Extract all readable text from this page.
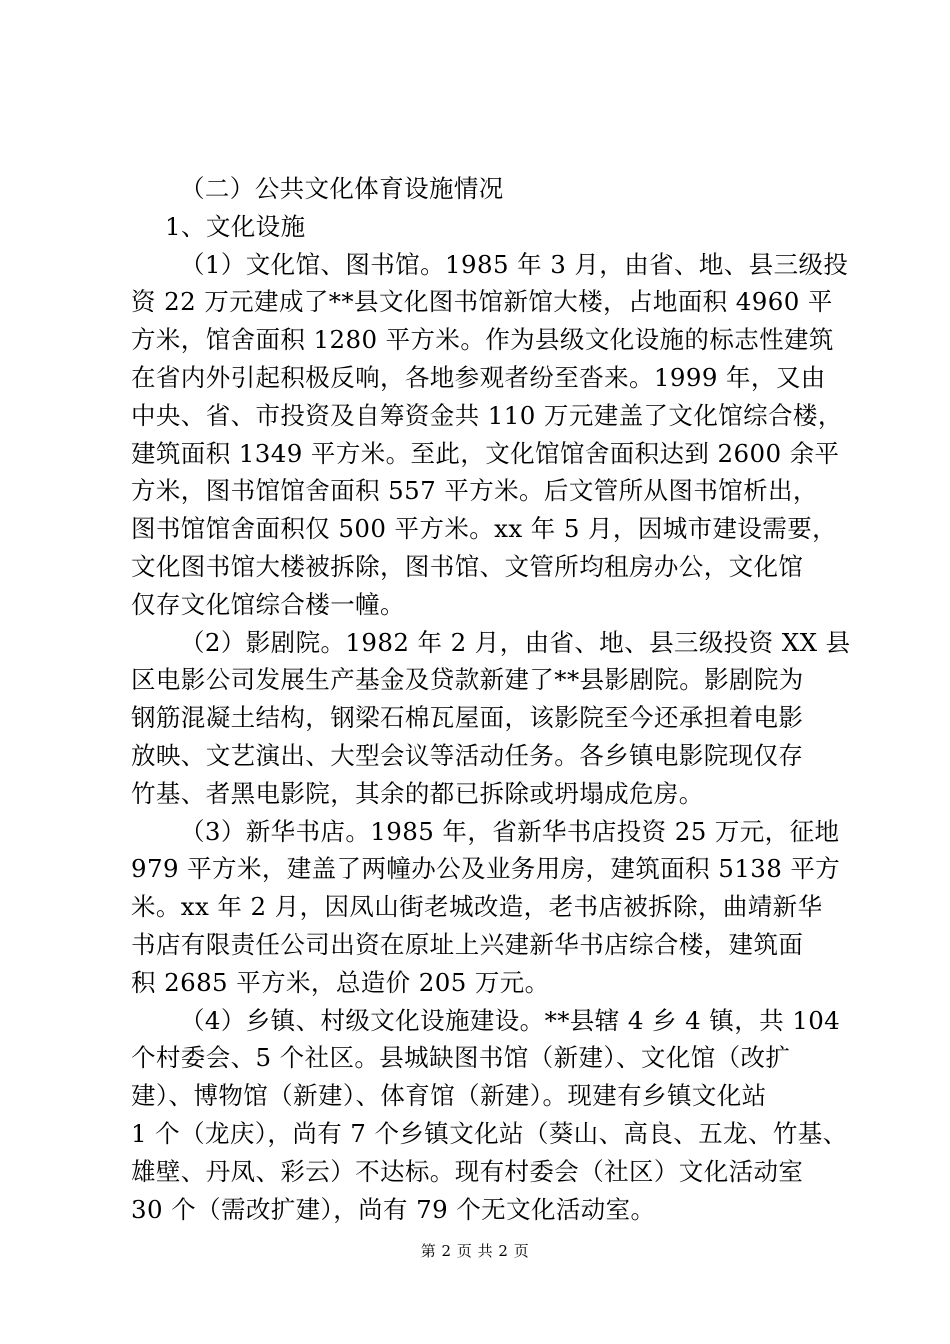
（二）公共文化体育设施情况
1、文化设施
（1）文化馆、图书馆。1985 年 3 月，由省、地、县三级投
资 22 万元建成了**县文化图书馆新馆大楼，占地面积 4960 平
方米，馆舍面积 1280 平方米。作为县级文化设施的标志性建筑
在省内外引起积极反响，各地参观者纷至沓来。1999 年，又由
中央、省、市投资及自筹资金共 110 万元建盖了文化馆综合楼，
建筑面积 1349 平方米。至此，文化馆馆舍面积达到 2600 余平
方米，图书馆馆舍面积 557 平方米。后文管所从图书馆析出，
图书馆馆舍面积仅 500 平方米。xx 年 5 月，因城市建设需要，
文化图书馆大楼被拆除，图书馆、文管所均租房办公，文化馆
仅存文化馆综合楼一幢。
（2）影剧院。1982 年 2 月，由省、地、县三级投资 XX 县
区电影公司发展生产基金及贷款新建了**县影剧院。影剧院为
钢筋混凝土结构，钢梁石棉瓦屋面，该影院至今还承担着电影
放映、文艺演出、大型会议等活动任务。各乡镇电影院现仅存
竹基、者黑电影院，其余的都已拆除或坍塌成危房。
（3）新华书店。1985 年，省新华书店投资 25 万元，征地
979 平方米，建盖了两幢办公及业务用房，建筑面积 5138 平方
米。xx 年 2 月，因凤山街老城改造，老书店被拆除，曲靖新华
书店有限责任公司出资在原址上兴建新华书店综合楼，建筑面
积 2685 平方米，总造价 205 万元。
（4）乡镇、村级文化设施建设。**县辖 4 乡 4 镇，共 104
个村委会、5 个社区。县城缺图书馆（新建）、文化馆（改扩
建）、博物馆（新建）、体育馆（新建）。现建有乡镇文化站
1 个（龙庆），尚有 7 个乡镇文化站（葵山、高良、五龙、竹基、
雄壁、丹凤、彩云）不达标。现有村委会（社区）文化活动室
30 个（需改扩建），尚有 79 个无文化活动室。
第 2 页 共 2 页
